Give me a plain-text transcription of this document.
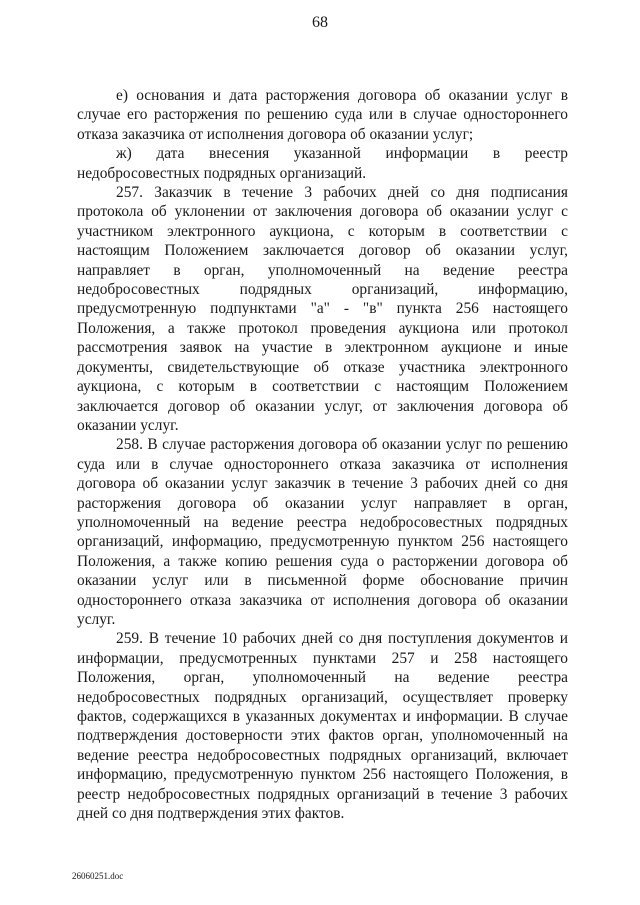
68

е) основания и дата расторжения договора об оказании услуг в случае его расторжения по решению суда или в случае одностороннего отказа заказчика от исполнения договора об оказании услуг;

ж) дата внесения указанной информации в реестр недобросовестных подрядных организаций.

257. Заказчик в течение 3 рабочих дней со дня подписания протокола об уклонении от заключения договора об оказании услуг с участником электронного аукциона, с которым в соответствии с настоящим Положением заключается договор об оказании услуг, направляет в орган, уполномоченный на ведение реестра недобросовестных подрядных организаций, информацию, предусмотренную подпунктами "а" - "в" пункта 256 настоящего Положения, а также протокол проведения аукциона или протокол рассмотрения заявок на участие в электронном аукционе и иные документы, свидетельствующие об отказе участника электронного аукциона, с которым в соответствии с настоящим Положением заключается договор об оказании услуг, от заключения договора об оказании услуг.

258. В случае расторжения договора об оказании услуг по решению суда или в случае одностороннего отказа заказчика от исполнения договора об оказании услуг заказчик в течение 3 рабочих дней со дня расторжения договора об оказании услуг направляет в орган, уполномоченный на ведение реестра недобросовестных подрядных организаций, информацию, предусмотренную пунктом 256 настоящего Положения, а также копию решения суда о расторжении договора об оказании услуг или в письменной форме обоснование причин одностороннего отказа заказчика от исполнения договора об оказании услуг.

259. В течение 10 рабочих дней со дня поступления документов и информации, предусмотренных пунктами 257 и 258 настоящего Положения, орган, уполномоченный на ведение реестра недобросовестных подрядных организаций, осуществляет проверку фактов, содержащихся в указанных документах и информации. В случае подтверждения достоверности этих фактов орган, уполномоченный на ведение реестра недобросовестных подрядных организаций, включает информацию, предусмотренную пунктом 256 настоящего Положения, в реестр недобросовестных подрядных организаций в течение 3 рабочих дней со дня подтверждения этих фактов.

26060251.doc
